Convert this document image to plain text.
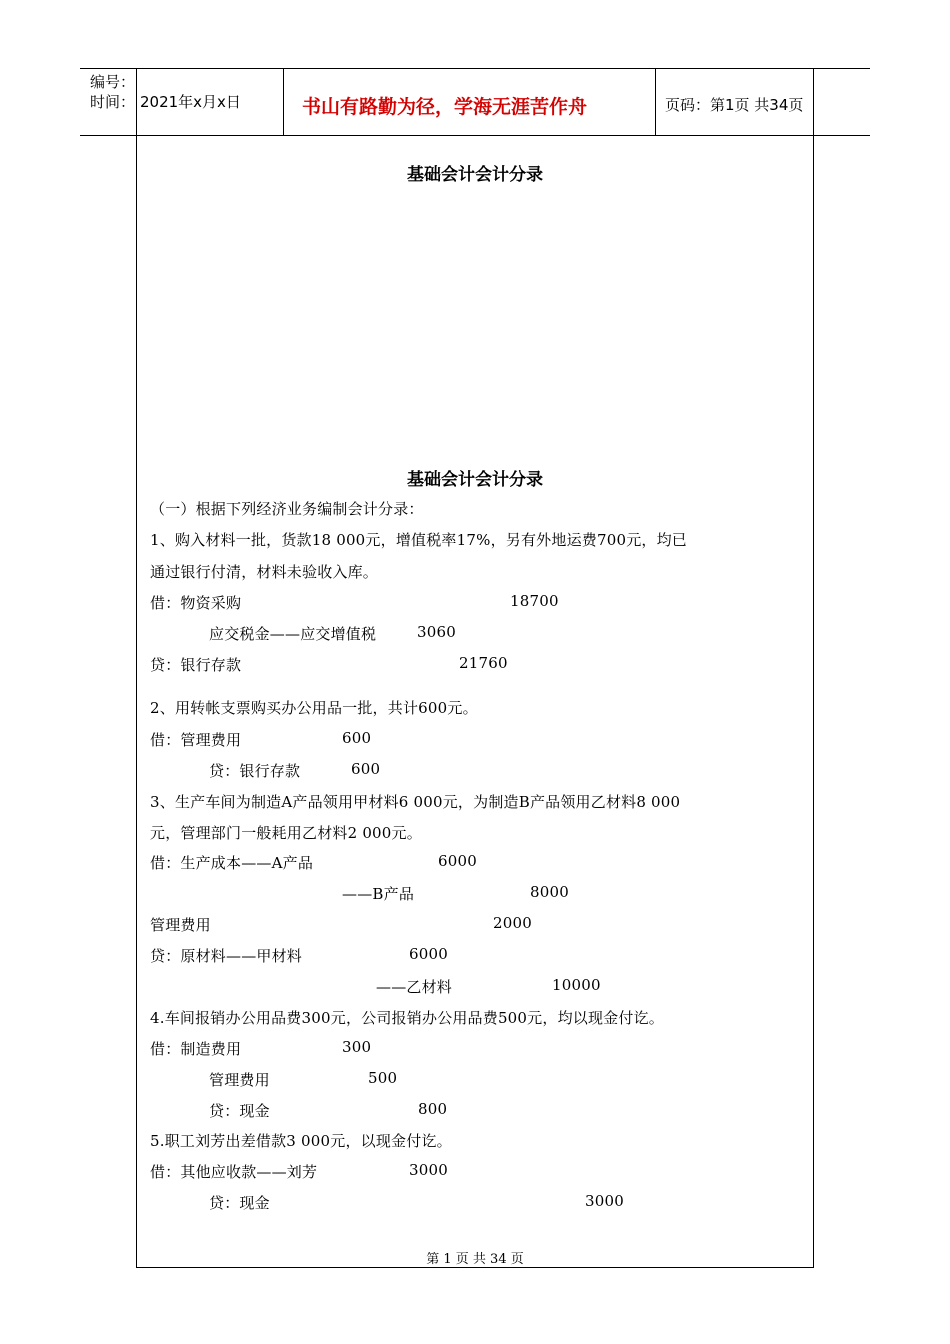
编号：
时间： 2021年x月x日	书山有路勤为径，学海无涯苦作舟	页码：第1页 共34页
基础会计会计分录
基础会计会计分录
（一）根据下列经济业务编制会计分录：
1、购入材料一批，货款18 000元，增值税率17%，另有外地运费700元，均已
通过银行付清，材料未验收入库。
借：物资采购	18700
应交税金——应交增值税	3060
贷：银行存款	21760
2、用转帐支票购买办公用品一批，共计600元。
借：管理费用	600
贷：银行存款	600
3、生产车间为制造A产品领用甲材料6 000元，为制造B产品领用乙材料8 000
元，管理部门一般耗用乙材料2 000元。
借：生产成本——A产品	6000
——B产品	8000
管理费用	2000
贷：原材料——甲材料	6000
——乙材料	10000
4.车间报销办公用品费300元，公司报销办公用品费500元，均以现金付讫。
借：制造费用	300
管理费用	500
贷：现金	800
5.职工刘芳出差借款3 000元，以现金付讫。
借：其他应收款——刘芳	3000
贷：现金	3000
第 1 页 共 34 页
